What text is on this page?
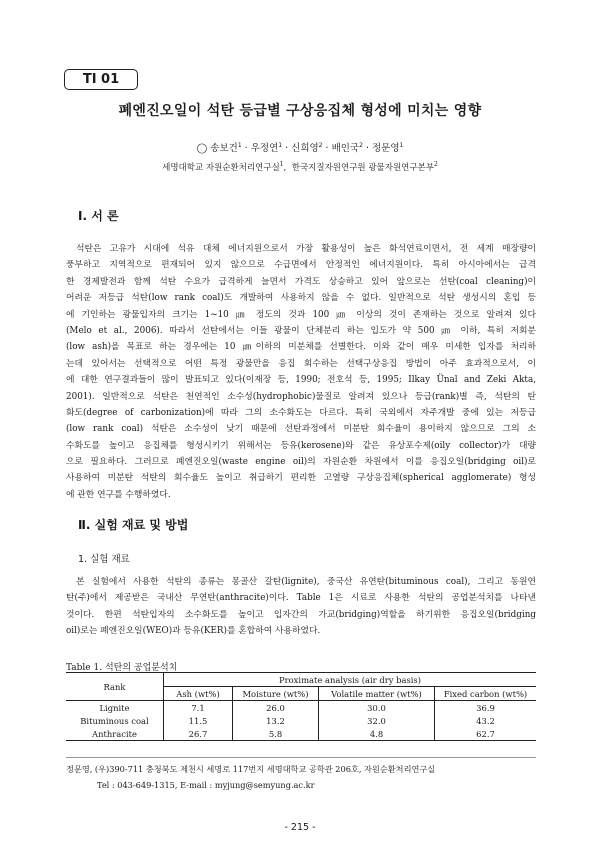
TI 01
폐엔진오일이 석탄 등급별 구상응집체 형성에 미치는 영향
◯ 송보건$^1$ · 우정연$^1$ · 신희영$^2$ · 배인국$^2$ · 정문영$^1$
세명대학교 자원순환처리연구실$^1$,  한국지질자원연구원 광물자원연구본부$^2$
Ⅰ. 서 론
석탄은 고유가 시대에 석유 대체 에너지원으로서 가장 활용성이 높은 화석연료이면서, 전 세계 매장량이
풍부하고 지역적으로 편재되어 있지 않으므로 수급면에서 안정적인 에너지원이다. 특히 아시아에서는 급격
한 경제발전과 함께 석탄 수요가 급격하게 늘면서 가격도 상승하고 있어 앞으로는 선탄(coal cleaning)이
어려운 저등급 석탄(low rank coal)도 개발하여 사용하지 않을 수 없다. 일반적으로 석탄 생성시의 혼입 등
에 기인하는 광물입자의 크기는 1~10 ㎛ 정도의 것과 100 ㎛ 이상의 것이 존재하는 것으로 알려져 있다
(Melo et al., 2006). 따라서 선탄에서는 이들 광물이 단체분리 하는 입도가 약 500 ㎛ 이하, 특히 저회분
(low ash)을 목표로 하는 경우에는 10 ㎛이하의 미분체를 선별한다. 이와 같이 매우 미세한 입자를 처리하
는데 있어서는 선택적으로 어떤 특정 광물만을 응집 회수하는 선택구상응집 방법이 아주 효과적으로서, 이
에 대한 연구결과들이 많이 발표되고 있다(이재장 등, 1990; 전호석 등, 1995; Ilkay Ünal and Zeki Akta,
2001). 일반적으로 석탄은 천연적인 소수성(hydrophobic)물질로 알려져 있으나 등급(rank)별 즉, 석탄의 탄
화도(degree of carbonization)에 따라 그의 소수화도는 다르다. 특히 국외에서 자주개발 중에 있는 저등급
(low rank coal) 석탄은 소수성이 낮기 때문에 선탄과정에서 미분탄 회수율이 용이하지 않으므로 그의 소
수화도를 높이고 응집체를 형성시키기 위해서는 등유(kerosene)와 같은 유상포수제(oily collector)가 대량
으로 필요하다. 그러므로 폐엔진오일(waste engine oil)의 자원순환 차원에서 이를 응집오일(bridging oil)로
사용하여 미분탄 석탄의 회수율도 높이고 취급하기 편리한 고열량 구상응집체(spherical agglomerate) 형성
에 관한 연구를 수행하였다.
Ⅱ. 실험 재료 및 방법
1. 실험 재료
본 실험에서 사용한 석탄의 종류는 몽골산 갈탄(lignite), 중국산 유연탄(bituminous coal), 그리고 동원연
탄(주)에서 제공받은 국내산 무연탄(anthracite)이다. Table 1은 시료로 사용한 석탄의 공업분석치를 나타낸
것이다. 한편 석탄입자의 소수화도를 높이고 입자간의 가교(bridging)역할을 하기위한 응집오일(bridging
oil)로는 폐엔진오일(WEO)과 등유(KER)를 혼합하여 사용하였다.
Table 1. 석탄의 공업분석치
Rank	Proximate analysis (air dry basis)			
	Ash (wt%)	Moisture (wt%)	Volatile matter (wt%)	Fixed carbon (wt%)
Lignite	7.1	26.0	30.0	36.9
Bituminous coal	11.5	13.2	32.0	43.2
Anthracite	26.7	5.8	4.8	62.7
정문영, (우)390-711 충청북도 제천시 세명로 117번지 세명대학교 공학관 206호, 자원순환처리연구실
Tel : 043-649-1315, E-mail : myjung@semyung.ac.kr
- 215 -
